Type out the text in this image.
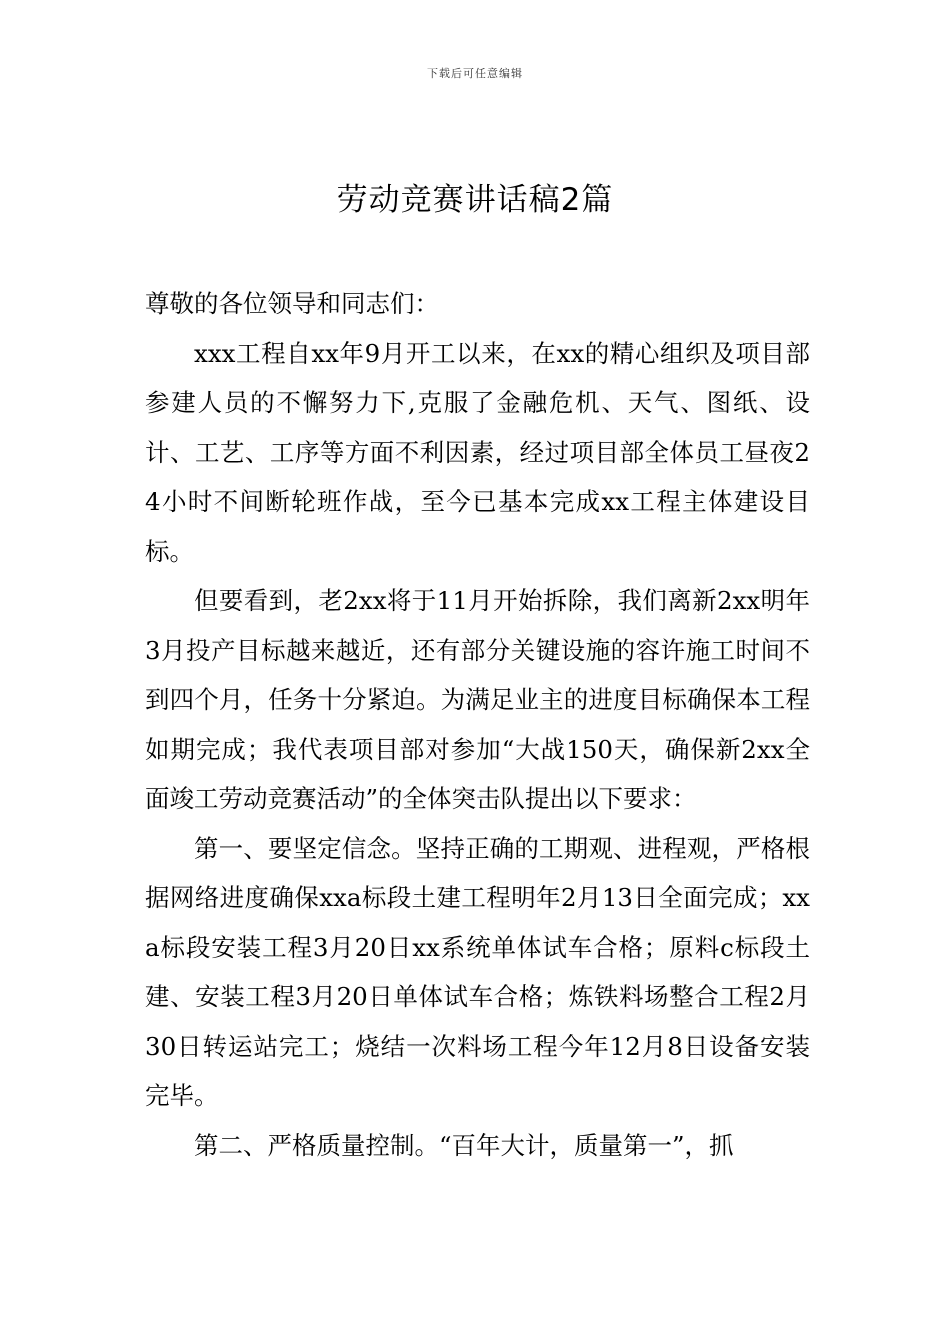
下载后可任意编辑
劳动竞赛讲话稿2篇

尊敬的各位领导和同志们：

xxx工程自xx年9月开工以来，在xx的精心组织及项目部参建人员的不懈努力下,克服了金融危机、天气、图纸、设计、工艺、工序等方面不利因素，经过项目部全体员工昼夜24小时不间断轮班作战，至今已基本完成xx工程主体建设目标。

但要看到，老2xx将于11月开始拆除，我们离新2xx明年3月投产目标越来越近，还有部分关键设施的容许施工时间不到四个月，任务十分紧迫。为满足业主的进度目标确保本工程如期完成；我代表项目部对参加“大战150天，确保新2xx全面竣工劳动竞赛活动”的全体突击队提出以下要求：

第一、要坚定信念。坚持正确的工期观、进程观，严格根据网络进度确保xxa标段土建工程明年2月13日全面完成；xxa标段安装工程3月20日xx系统单体试车合格；原料c标段土建、安装工程3月20日单体试车合格；炼铁料场整合工程2月30日转运站完工；烧结一次料场工程今年12月8日设备安装完毕。

第二、严格质量控制。“百年大计，质量第一”，抓
